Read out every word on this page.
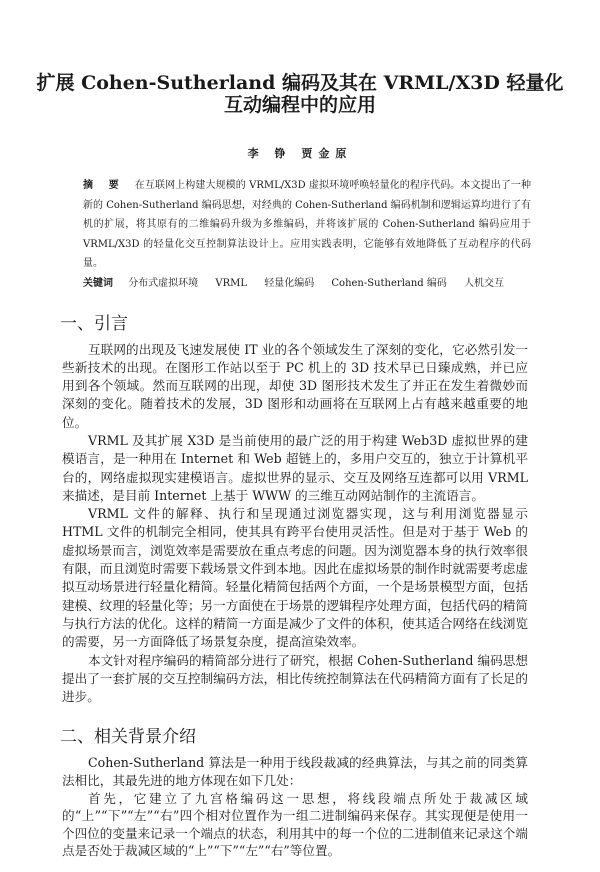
扩展 Cohen-Sutherland 编码及其在 VRML/X3D 轻量化
互动编程中的应用
李 铮 贾金原
摘 要 在互联网上构建大规模的 VRML/X3D 虚拟环境呼唤轻量化的程序代码。本文提出了一种新的 Cohen-Sutherland 编码思想，对经典的 Cohen-Sutherland 编码机制和逻辑运算均进行了有机的扩展，将其原有的二维编码升级为多维编码，并将该扩展的 Cohen-Sutherland 编码应用于 VRML/X3D 的轻量化交互控制算法设计上。应用实践表明，它能够有效地降低了互动程序的代码量。
关键词 分布式虚拟环境 VRML 轻量化编码 Cohen-Sutherland 编码 人机交互
一、引言

互联网的出现及飞速发展使 IT 业的各个领域发生了深刻的变化，它必然引发一些新技术的出现。在图形工作站以至于 PC 机上的 3D 技术早已日臻成熟，并已应用到各个领域。然而互联网的出现，却使 3D 图形技术发生了并正在发生着微妙而深刻的变化。随着技术的发展，3D 图形和动画将在互联网上占有越来越重要的地位。

VRML 及其扩展 X3D 是当前使用的最广泛的用于构建 Web3D 虚拟世界的建模语言，是一种用在 Internet 和 Web 超链上的，多用户交互的，独立于计算机平台的，网络虚拟现实建模语言。虚拟世界的显示、交互及网络互连都可以用 VRML 来描述，是目前 Internet 上基于 WWW 的三维互动网站制作的主流语言。

VRML 文件的解释、执行和呈现通过浏览器实现，这与利用浏览器显示 HTML 文件的机制完全相同，使其具有跨平台使用灵活性。但是对于基于 Web 的虚拟场景而言，浏览效率是需要放在重点考虑的问题。因为浏览器本身的执行效率很有限，而且浏览时需要下载场景文件到本地。因此在虚拟场景的制作时就需要考虑虚拟互动场景进行轻量化精简。轻量化精简包括两个方面，一个是场景模型方面，包括建模、纹理的轻量化等；另一方面使在于场景的逻辑程序处理方面，包括代码的精简与执行方法的优化。这样的精简一方面是减少了文件的体积，使其适合网络在线浏览的需要，另一方面降低了场景复杂度，提高渲染效率。

本文针对程序编码的精简部分进行了研究，根据 Cohen-Sutherland 编码思想提出了一套扩展的交互控制编码方法，相比传统控制算法在代码精简方面有了长足的进步。

二、相关背景介绍

Cohen-Sutherland 算法是一种用于线段裁减的经典算法，与其之前的同类算法相比，其最先进的地方体现在如下几处：

首先，它建立了九宫格编码这一思想，将线段端点所处于裁减区域的“上”“下”“左”“右”四个相对位置作为一组二进制编码来保存。其实现便是使用一个四位的变量来记录一个端点的状态，利用其中的每一个位的二进制值来记录这个端点是否处于裁减区域的“上”“下”“左”“右”等位置。
